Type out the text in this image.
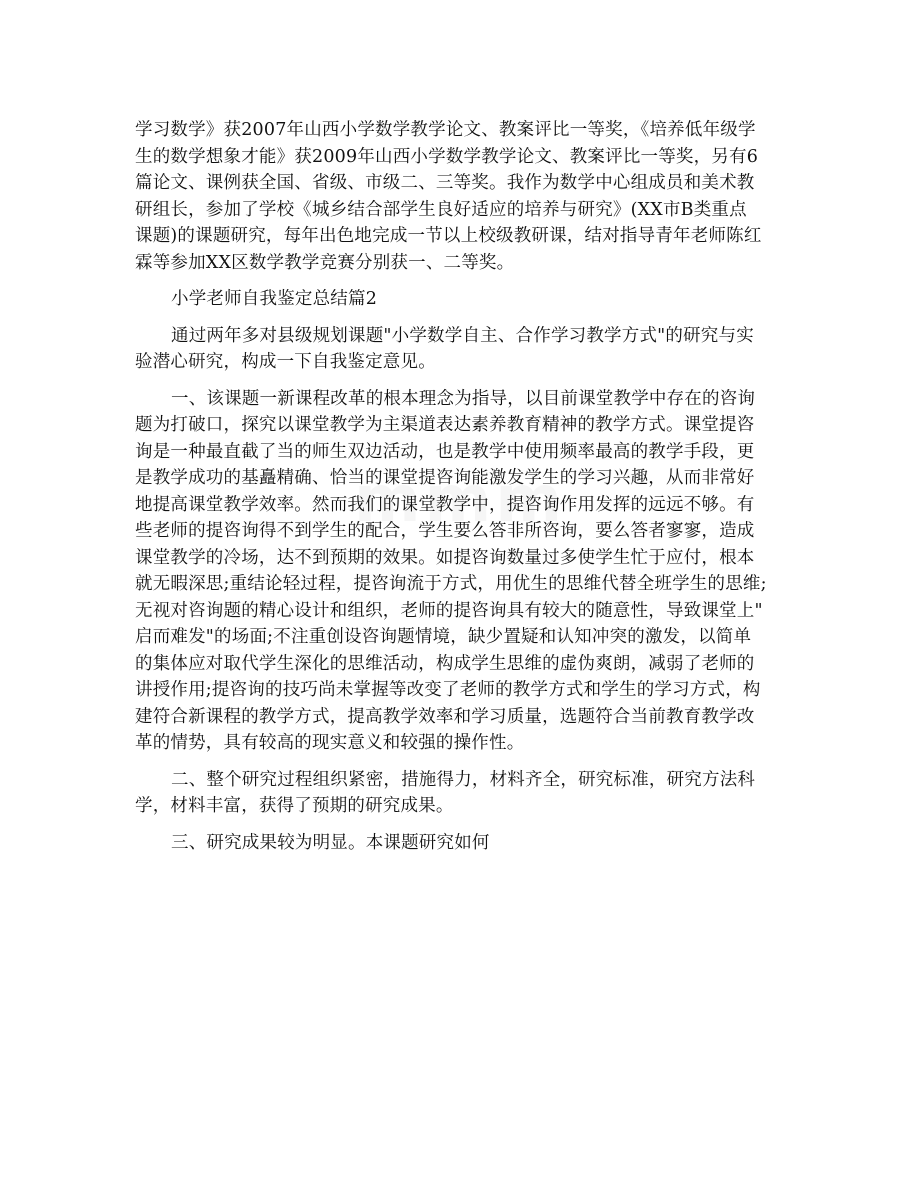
学习数学》获2007年山西小学数学教学论文、教案评比一等奖，《培养低年级学
生的数学想象才能》获2009年山西小学数学教学论文、教案评比一等奖，另有6
篇论文、课例获全国、省级、市级二、三等奖。我作为数学中心组成员和美术教
研组长，参加了学校《城乡结合部学生良好适应的培养与研究》(XX市B类重点
课题)的课题研究，每年出色地完成一节以上校级教研课，结对指导青年老师陈红
霖等参加XX区数学教学竞赛分别获一、二等奖。

小学老师自我鉴定总结篇2

通过两年多对县级规划课题"小学数学自主、合作学习教学方式"的研究与实
验潜心研究，构成一下自我鉴定意见。

一、该课题一新课程改革的根本理念为指导，以目前课堂教学中存在的咨询
题为打破口，探究以课堂教学为主渠道表达素养教育精神的教学方式。课堂提咨
询是一种最直截了当的师生双边活动，也是教学中使用频率最高的教学手段，更
是教学成功的基矗精确、恰当的课堂提咨询能激发学生的学习兴趣，从而非常好
地提高课堂教学效率。然而我们的课堂教学中，提咨询作用发挥的远远不够。有
些老师的提咨询得不到学生的配合，学生要么答非所咨询，要么答者寥寥，造成
课堂教学的冷场，达不到预期的效果。如提咨询数量过多使学生忙于应付，根本
就无暇深思;重结论轻过程，提咨询流于方式，用优生的思维代替全班学生的思维;
无视对咨询题的精心设计和组织，老师的提咨询具有较大的随意性，导致课堂上"
启而难发"的场面;不注重创设咨询题情境，缺少置疑和认知冲突的激发，以简单
的集体应对取代学生深化的思维活动，构成学生思维的虚伪爽朗，减弱了老师的
讲授作用;提咨询的技巧尚未掌握等改变了老师的教学方式和学生的学习方式，构
建符合新课程的教学方式，提高教学效率和学习质量，选题符合当前教育教学改
革的情势，具有较高的现实意义和较强的操作性。

二、整个研究过程组织紧密，措施得力，材料齐全，研究标准，研究方法科
学，材料丰富，获得了预期的研究成果。

三、研究成果较为明显。本课题研究如何
